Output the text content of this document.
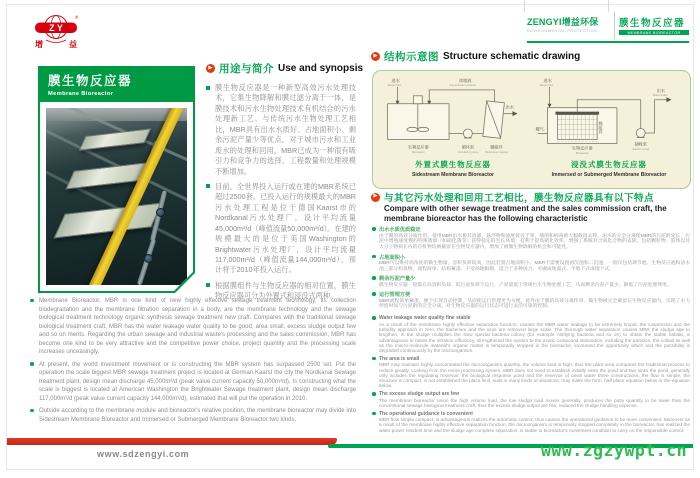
Z Y
®
增	益
ZENGYI增益环保
ENVIRONMENTAL PROTECTION
膜生物反应器
MEMBRANE BIOREACTOR
膜生物反应器
Membrane Bioreactor
▶ 用途与简介 Use and synopsis
膜生物反应器是一种新型高效污水处理技术，它集生物降解和膜过滤分离于一体，是膜技术和污水生物处理技术有机结合的污水处理新工艺。与传统污水生物处理工艺相比，MBR具有出水水质好、占地面积小、剩余污泥产量少等优点。对于城市污水和工业废水的处理和回用，MBR已成为一种很有吸引力和竞争力的选择，工程数量和处理规模不断增加。
目前，全世界投入运行或在建的MBR系统已超过2500套。已投入运行的规模最大的MBR污水处理工程是位于德国Kaarst市的Nordkanal污水处理厂，设计平均流量45,000m³/d（峰值流量50,000m³/d）。在建的规模最大的是位于美国Washington的Brightwater污水处理厂，设计平均流量117,000m³/d（峰值流量144,000m³/d），预计将于2010年投入运行。
根据膜组件与生物反应器的相对位置，膜生物反应器可分为外置式和浸没式两种。
▶ 结构示意图 Structure schematic drawing
进水
Water inlet
浓缩液
Concentrated solution
出水
生物反应器
Bioreactor
循环泵
Circulating pump
膜组件
Membrane module
外置式膜生物反应器
Sidestream Membrane Bioreactor
进水
Water inlet
膜组件
曝气
出水
Water outlet
生物反应器
Bioreactor
抽吸泵
Suction pump
浸没式膜生物反应器
Immersed or Submerged Membrane Bioreactor
▶ 与其它污水处理和回用工艺相比，膜生物反应器具有以下特点
Compare with other sewage treatment and the sales commission craft, the membrane bioreactor has the following characteristic
出水水质优质稳定
由于膜的高效分离作用，使用MBR出水极其清澈，悬浮物和浊度接近于零，细菌和病毒被大幅截留去除。泥水的完全分离使MBR的污泥龄延长，污泥中增殖速度慢的特殊菌群（如硝化菌等）获得稳定的生长环境，有利于提高硝化效率，增强了系统对含氮化合物的去除。包括颗粒物、胶体以及大分子物质在内的有机物均被截留在生物反应器内，增加了被微生物降解的机会和可能性。
占地面积小
MBR可以维持高浓度的微生物量，容积负荷较高，因此装置占地面积小。MBR不需要设置初沉池和二沉池，一般仅包括调节池、生物反应池和清水池三部分构筑物，流程简单、结构紧凑、不受场地限制，适合于多种场合，可做成地面式、半地下式或地下式。
剩余污泥产量少
膜生物反应器一般都在高容积负荷、低污泥负荷下运行，产泥量低于常规污水生物处理工艺，从而剩余污泥产量少，降低了污泥处理费用。
运行管理方便
MBR流程简单紧凑，便于实现自动控制，从而使运行管理更为方便。此外由于膜的高效分离作用，微生物被完全截留在生物反应器内，实现了水力停留时间与污泥龄的完全分离，对生物反应器的运行状态可进行灵活可靠的控制。
Water leakage water quality fine stable
As a result of the membrane highly effective separation function, causes the MBR water leakage to be extremely limpid, the suspension and the turbidity approach in zero, the bacterium and the virus are removed large scale. The thorough water separation causes MBR the sludge age to lengthen, in the sludge multiplies the slow special bacteria colony (for example nitrifying bacteria and so on) to obtain the stable habitat, is advantageous in raises the nitration efficiency, strengthened the system to the azotic compound elimination, including the particles, the colloid as well as the macro-molecule material's organic matter is temporarily stopped in the bioreactor, increased the opportunity which and the possibility is degraded continuously by the microorganism.
The area is small
MBR may maintain highly concentrated the microorganism quantity, the volume load is high, thus the plant area compares the traditional process to reduce greatly. Looking from the entire processing system, MBR does not need to establish initially sinks the pond and two sinks the pond, generally only includes the regulating reservoir, the biological response pond and the reservoir of clean water three constructions, the flow is simple, the structure is compact, is not established the place limit, suits in many kinds of situations, may make the form, half place equation below or the equation below.
The excess sludge output are few
The membrane bioreactor union the high volume load, the low sludge load moves generally, produces the putty quantity to be lower than the conventional sewage biological treatment craft, thus the excess sludge output are few, reduced the sludge handling expense.
The operational guidance is convenient
MBR flow simple compact, is advantageous realizes the automatic control, thus causes the operational guidance to be more convenient. Moreover as a result of the membrane highly effective separation function, the microorganism is temporarily stopped completely in the bioreactor, has realized the water power resident time and the sludge age complete separation, is stable to bioreactor's movement condition to carry on the responsible control.
Membrane Bioreactor, MBR is one kind of new highly effective sewage treatment technology, its collection biodegradation and the membrane filtration separation in a body, are the membrane technology and the sewage biological treatment technology organic synthesis sewage treatment new craft. Compares with the traditional sewage biological treatment craft, MBR has the water leakage water quality to be good, area small, excess sludge output few and so on merits. Regarding the urban sewage and industrial waste's processing and the sales commission, MBR has become one kind to be very attractive and the competitive power choice, project quantity and the processing scale increases unceasingly.
At present, the world investment movement or is constructing the MBR system has surpassed 2500 set. Put the operation the scale biggest MBR sewage treatment project is located at German Kaarst the city the Nordkanal Sewage treatment plant, design mean discharge 45,000m³/d (peak value current capacity 50,000m³/d). Is constructing what the scale is biggest is located at American Washington the Brightwater Sewage treatment plant, design mean discharge 117,000m³/d (peak value current capacity 144,000m³/d), estimated that will put the operation in 2010.
Outside according to the membrane module and bioreactor's relative position, the membrane bioreactor may divide into Sidestream Membrane Bioreactor and Immersed or Submerged Membrane Bioreactor two kinds.
www.sdzengyi.com	www.zgzywpt.cn
